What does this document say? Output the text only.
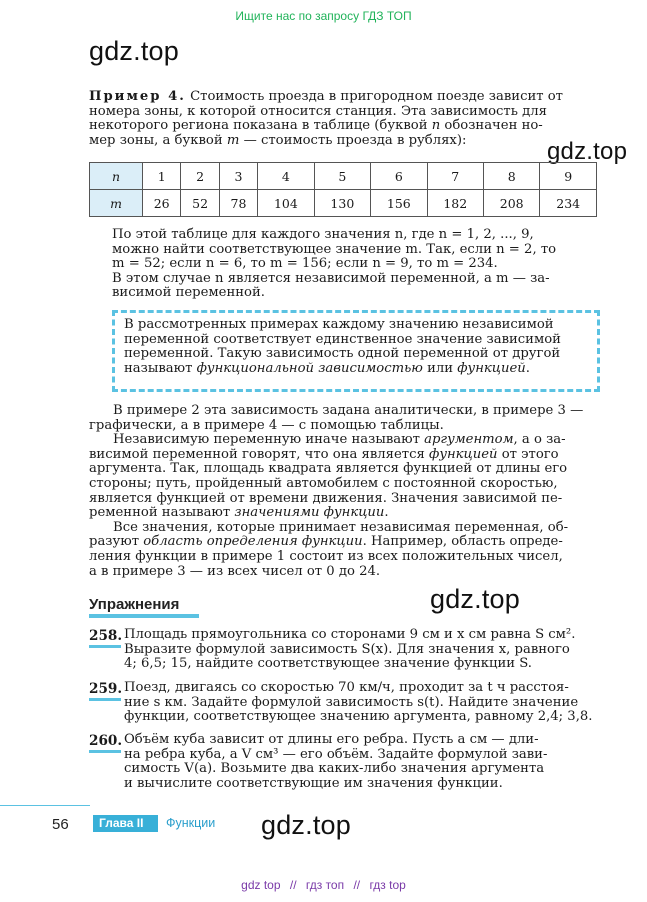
Ищите нас по запросу ГДЗ ТОП
gdz.top
Пример 4. Стоимость проезда в пригородном поезде зависит от
номера зоны, к которой относится станция. Эта зависимость для
некоторого региона показана в таблице (буквой n обозначен но-
мер зоны, а буквой m — стоимость проезда в рублях):	gdz.top
n	1	2	3	4	5	6	7	8	9
m	26	52	78	104	130	156	182	208	234
По этой таблице для каждого значения n, где n = 1, 2, ..., 9,
можно найти соответствующее значение m. Так, если n = 2, то
m = 52; если n = 6, то m = 156; если n = 9, то m = 234.
В этом случае n является независимой переменной, а m — за-
висимой переменной.
В рассмотренных примерах каждому значению независимой
переменной соответствует единственное значение зависимой
переменной. Такую зависимость одной переменной от другой
называют функциональной зависимостью или функцией.
В примере 2 эта зависимость задана аналитически, в примере 3 —
графически, а в примере 4 — с помощью таблицы.
Независимую переменную иначе называют аргументом, а о за-
висимой переменной говорят, что она является функцией от этого
аргумента. Так, площадь квадрата является функцией от длины его
стороны; путь, пройденный автомобилем с постоянной скоростью,
является функцией от времени движения. Значения зависимой пе-
ременной называют значениями функции.
Все значения, которые принимает независимая переменная, об-
разуют область определения функции. Например, область опреде-
ления функции в примере 1 состоит из всех положительных чисел,
а в примере 3 — из всех чисел от 0 до 24.
Упражнения	gdz.top
258. Площадь прямоугольника со сторонами 9 см и x см равна S см².
Выразите формулой зависимость S(x). Для значения x, равного
4; 6,5; 15, найдите соответствующее значение функции S.
259. Поезд, двигаясь со скоростью 70 км/ч, проходит за t ч расстоя-
ние s км. Задайте формулой зависимость s(t). Найдите значение
функции, соответствующее значению аргумента, равному 2,4; 3,8.
260. Объём куба зависит от длины его ребра. Пусть a см — дли-
на ребра куба, а V см³ — его объём. Задайте формулой зави-
симость V(a). Возьмите два каких-либо значения аргумента
и вычислите соответствующие им значения функции.
56	Глава II	Функции gdz.top
gdz top // гдз топ // гдз top
